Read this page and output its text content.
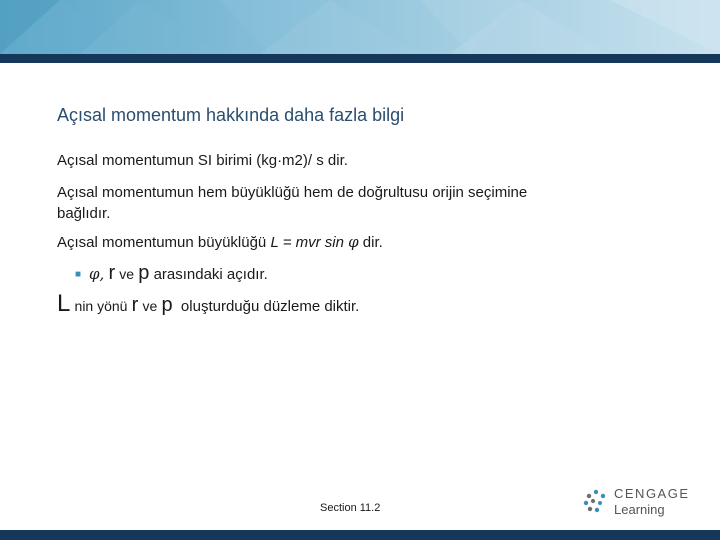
Açısal momentum hakkında daha fazla bilgi
Açısal momentumun SI birimi (kg·m2)/ s dir.
Açısal momentumun hem büyüklüğü hem de doğrultusu orijin seçimine
bağlıdır.
Açısal momentumun büyüklüğü L = mvr sin φ dir.
■ φ, r ve p arasındaki açıdır.
L nin yönü r ve p oluşturduğu düzleme diktir.
Section 11.2
CENGAGE
Learning
